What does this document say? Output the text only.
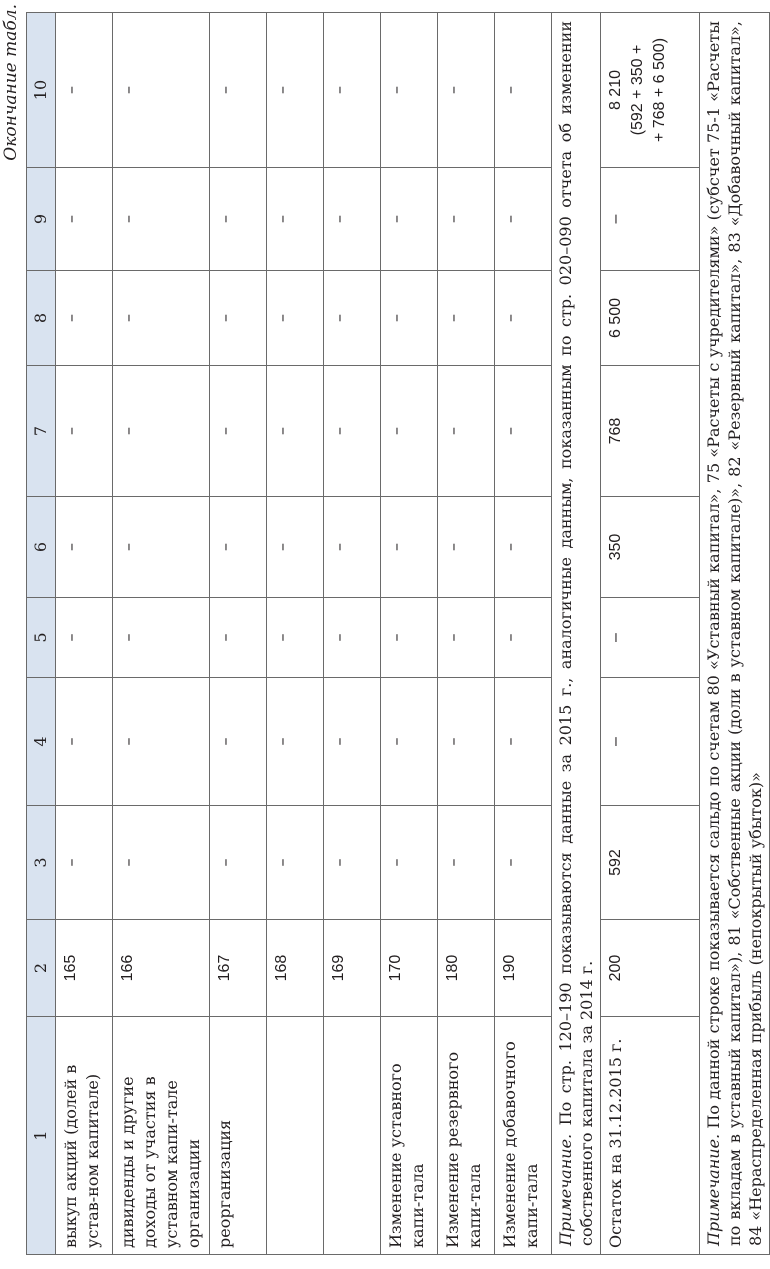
Окончание табл.
1	2	3	4	5	6	7	8	9	10
выкуп акций (долей в устав-ном капитале)	165	–	–	–	–	–	–	–	–
дивиденды и другие доходы от участия в уставном капи-тале организации	166	–	–	–	–	–	–	–	–
реорганизация	167	–	–	–	–	–	–	–	–
	168	–	–	–	–	–	–	–	–
	169	–	–	–	–	–	–	–	–
Изменение уставного капи-тала	170	–	–	–	–	–	–	–	–
Изменение резервного капи-тала	180	–	–	–	–	–	–	–	–
Изменение добавочного капи-тала	190	–	–	–	–	–	–	–	–
Примечание. По стр. 120–190 показываются данные за 2015 г., аналогичные данным, показанным по стр. 020–090 отчета об изменении собственного капитала за 2014 г.									
Остаток на 31.12.2015 г.	200	592	–	–	350	768	6 500	–	8 210 (592 + 350 + + 768 + 6 500)

Примечание. По данной строке показывается сальдо по счетам 80 «Уставный капитал», 75 «Расчеты с учредителями» (субсчет 75-1 «Расчеты по вкладам в уставный капитал»), 81 «Собственные акции (доли в уставном капитале)», 82 «Резервный капитал», 83 «Добавочный капитал», 84 «Нераспределенная прибыль (непокрытый убыток)»									
